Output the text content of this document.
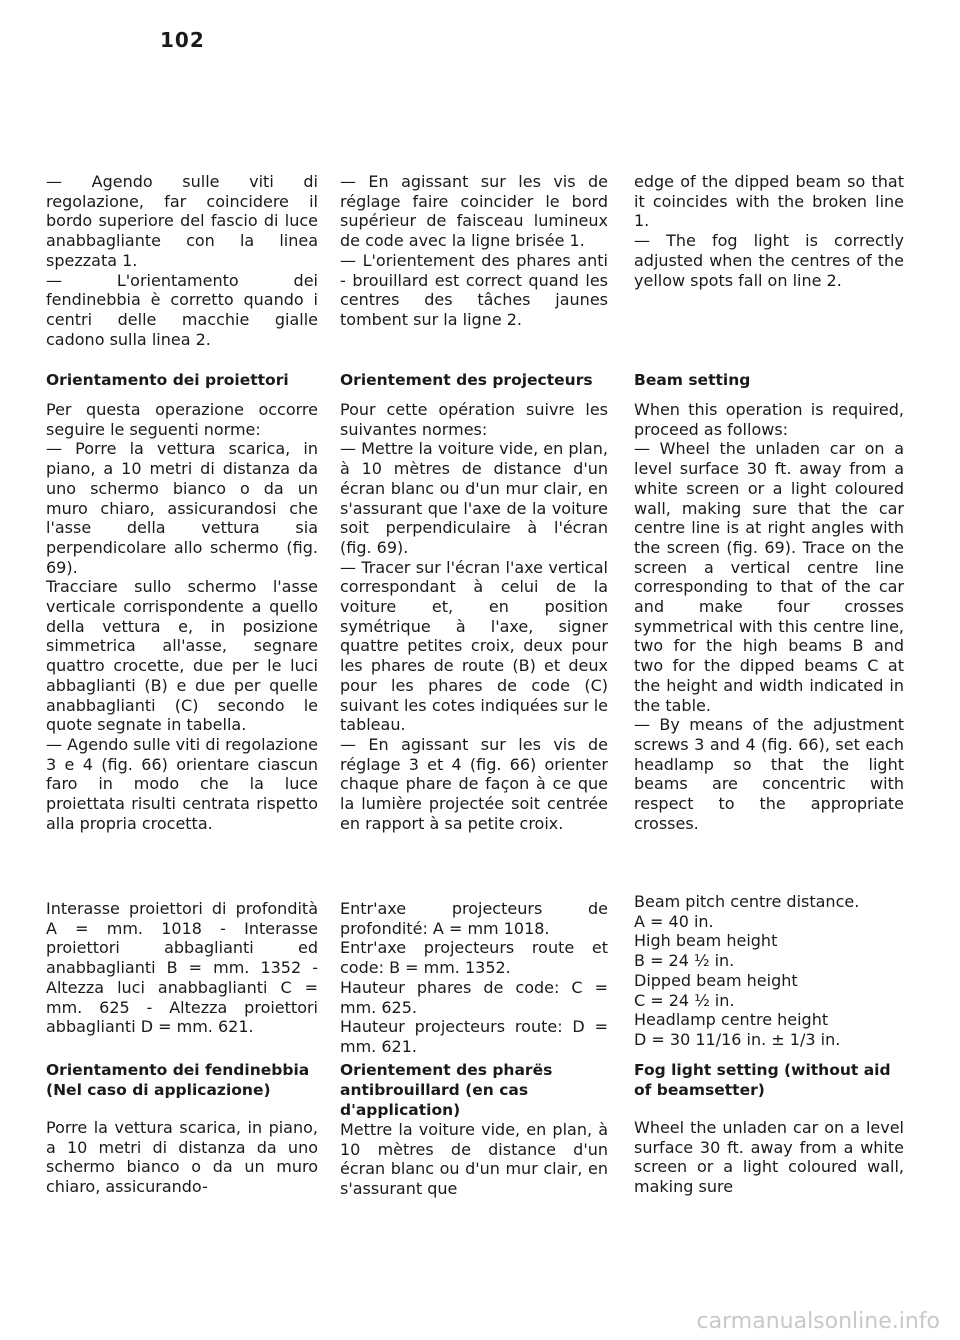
102

— Agendo sulle viti di regolazione, far coincidere il bordo superiore del fascio di luce anabbagliante con la linea spezzata 1.
— L'orientamento dei fendinebbia è corretto quando i centri delle macchie gialle cadono sulla linea 2.

Orientamento dei proiettori

Per questa operazione occorre seguire le seguenti norme:
— Porre la vettura scarica, in piano, a 10 metri di distanza da uno schermo bianco o da un muro chiaro, assicurandosi che l'asse della vettura sia perpendicolare allo schermo (fig. 69).
Tracciare sullo schermo l'asse verticale corrispondente a quello della vettura e, in posizione simmetrica all'asse, segnare quattro crocette, due per le luci abbaglianti (B) e due per quelle anabbaglianti (C) secondo le quote segnate in tabella.
— Agendo sulle viti di regolazione 3 e 4 (fig. 66) orientare ciascun faro in modo che la luce proiettata risulti centrata rispetto alla propria crocetta.

Interasse proiettori di profondità A = mm. 1018 - Interasse proiettori abbaglianti ed anabbaglianti B = mm. 1352 - Altezza luci anabbaglianti C = mm. 625 - Altezza proiettori abbaglianti D = mm. 621.

Orientamento dei fendinebbia (Nel caso di applicazione)

Porre la vettura scarica, in piano, a 10 metri di distanza da uno schermo bianco o da un muro chiaro, assicurando-

— En agissant sur les vis de réglage faire coincider le bord supérieur de faisceau lumineux de code avec la ligne brisée 1.
— L'orientement des phares anti - brouillard est correct quand les centres des tâches jaunes tombent sur la ligne 2.

Orientement des projecteurs

Pour cette opération suivre les suivantes normes:
— Mettre la voiture vide, en plan, à 10 mètres de distance d'un écran blanc ou d'un mur clair, en s'assurant que l'axe de la voiture soit perpendiculaire à l'écran (fig. 69).
— Tracer sur l'écran l'axe vertical correspondant à celui de la voiture et, en position symétrique à l'axe, signer quattre petites croix, deux pour les phares de route (B) et deux pour les phares de code (C) suivant les cotes indiquées sur le tableau.
— En agissant sur les vis de réglage 3 et 4 (fig. 66) orienter chaque phare de façon à ce que la lumière projectée soit centrée en rapport à sa petite croix.

Entr'axe projecteurs de profondité: A = mm 1018.

Entr'axe projecteurs route et code: B = mm. 1352.

Hauteur phares de code: C = mm. 625.

Hauteur projecteurs route: D = mm. 621.

Orientement des pharës antibrouillard (en cas d'application)

Mettre la voiture vide, en plan, à 10 mètres de distance d'un écran blanc ou d'un mur clair, en s'assurant que

edge of the dipped beam so that it coincides with the broken line 1.
— The fog light is correctly adjusted when the centres of the yellow spots fall on line 2.

Beam setting

When this operation is required, proceed as follows:
— Wheel the unladen car on a level surface 30 ft. away from a white screen or a light coloured wall, making sure that the car centre line is at right angles with the screen (fig. 69). Trace on the screen a vertical centre line corresponding to that of the car and make four crosses symmetrical with this centre line, two for the high beams B and two for the dipped beams C at the height and width indicated in the table.
— By means of the adjustment screws 3 and 4 (fig. 66), set each headlamp so that the light beams are concentric with respect to the appropriate crosses.

Beam pitch centre distance.
A = 40 in.
High beam height
B = 24 ½ in.
Dipped beam height
C = 24 ½ in.
Headlamp centre height
D = 30 11/16 in. ± 1/3 in.

Fog light setting (without aid of beamsetter)

Wheel the unladen car on a level surface 30 ft. away from a white screen or a light coloured wall, making sure

carmanualsonline.info
